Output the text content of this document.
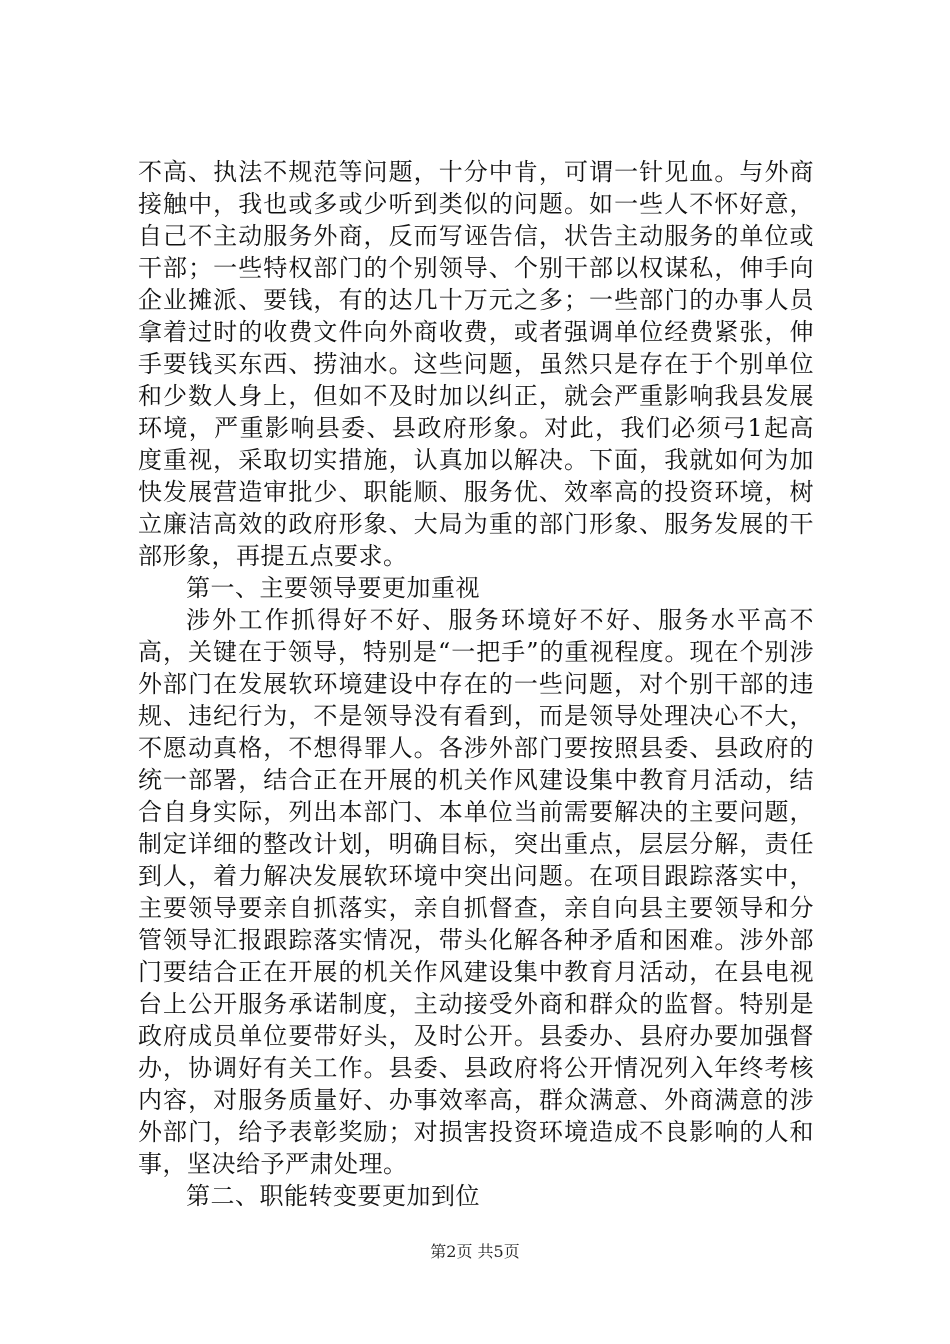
不高、执法不规范等问题，十分中肯，可谓一针见血。与外商接触中，我也或多或少听到类似的问题。如一些人不怀好意，自己不主动服务外商，反而写诬告信，状告主动服务的单位或干部；一些特权部门的个别领导、个别干部以权谋私，伸手向企业摊派、要钱，有的达几十万元之多；一些部门的办事人员拿着过时的收费文件向外商收费，或者强调单位经费紧张，伸手要钱买东西、捞油水。这些问题，虽然只是存在于个别单位和少数人身上，但如不及时加以纠正，就会严重影响我县发展环境，严重影响县委、县政府形象。对此，我们必须弓1起高度重视，采取切实措施，认真加以解决。下面，我就如何为加快发展营造审批少、职能顺、服务优、效率高的投资环境，树立廉洁高效的政府形象、大局为重的部门形象、服务发展的干部形象，再提五点要求。

第一、主要领导要更加重视

涉外工作抓得好不好、服务环境好不好、服务水平高不高，关键在于领导，特别是“一把手”的重视程度。现在个别涉外部门在发展软环境建设中存在的一些问题，对个别干部的违规、违纪行为，不是领导没有看到，而是领导处理决心不大，不愿动真格，不想得罪人。各涉外部门要按照县委、县政府的统一部署，结合正在开展的机关作风建设集中教育月活动，结合自身实际，列出本部门、本单位当前需要解决的主要问题，制定详细的整改计划，明确目标，突出重点，层层分解，责任到人，着力解决发展软环境中突出问题。在项目跟踪落实中，主要领导要亲自抓落实，亲自抓督查，亲自向县主要领导和分管领导汇报跟踪落实情况，带头化解各种矛盾和困难。涉外部门要结合正在开展的机关作风建设集中教育月活动，在县电视台上公开服务承诺制度，主动接受外商和群众的监督。特别是政府成员单位要带好头，及时公开。县委办、县府办要加强督办，协调好有关工作。县委、县政府将公开情况列入年终考核内容，对服务质量好、办事效率高，群众满意、外商满意的涉外部门，给予表彰奖励；对损害投资环境造成不良影响的人和事，坚决给予严肃处理。

第二、职能转变要更加到位

第2页 共5页
